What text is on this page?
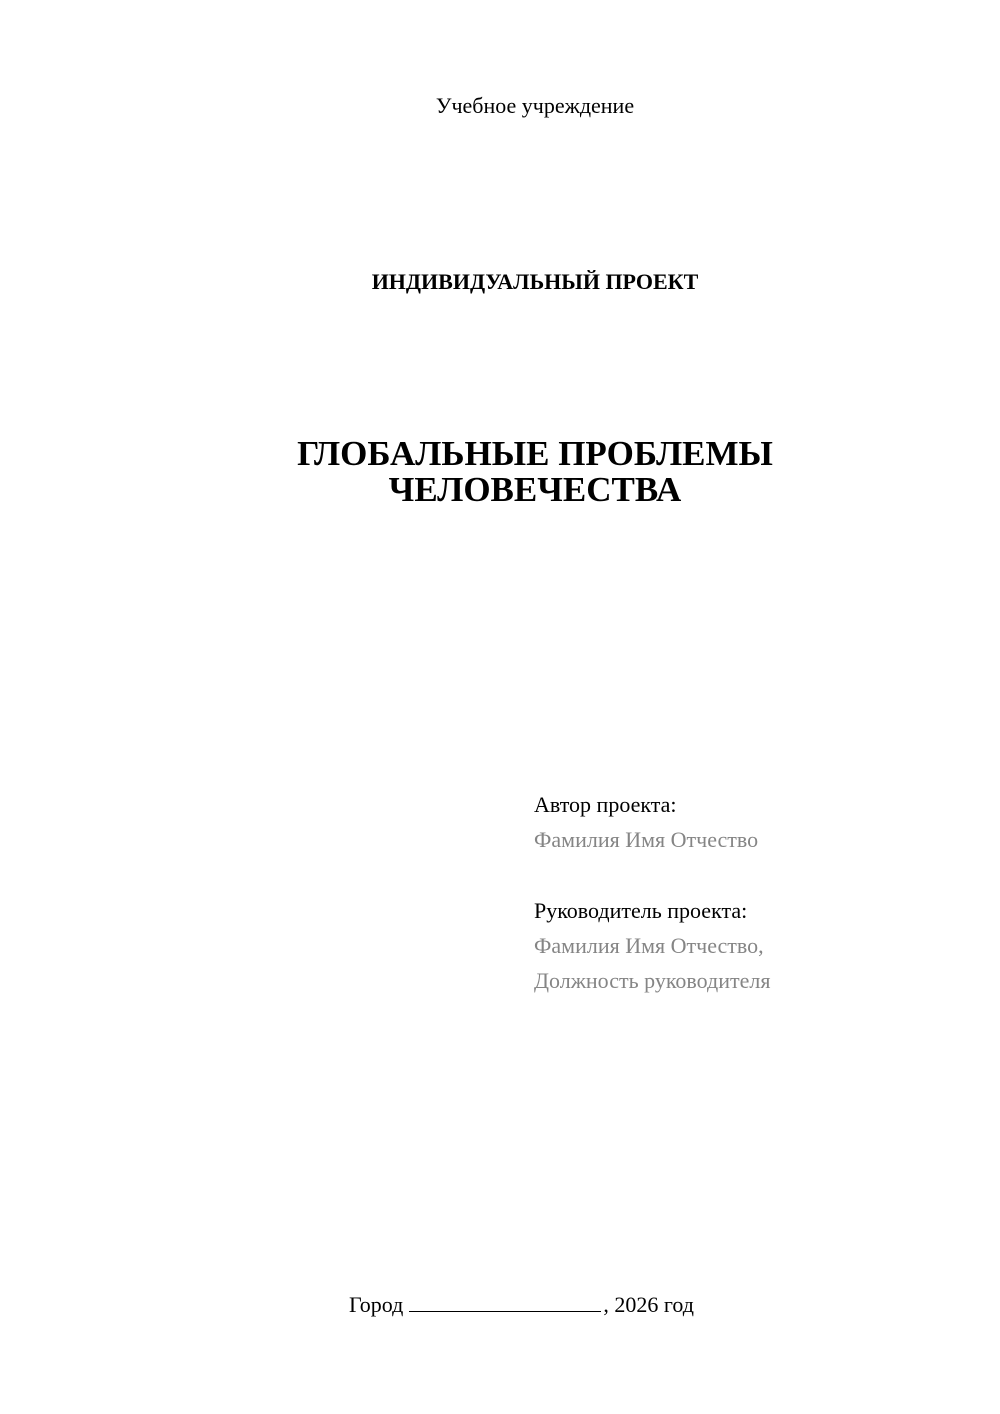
Учебное учреждение

ИНДИВИДУАЛЬНЫЙ ПРОЕКТ

ГЛОБАЛЬНЫЕ ПРОБЛЕМЫ
ЧЕЛОВЕЧЕСТВА
Автор проекта:
Фамилия Имя Отчество
Руководитель проекта:
Фамилия Имя Отчество,
Должность руководителя
Город	, 2026 год
